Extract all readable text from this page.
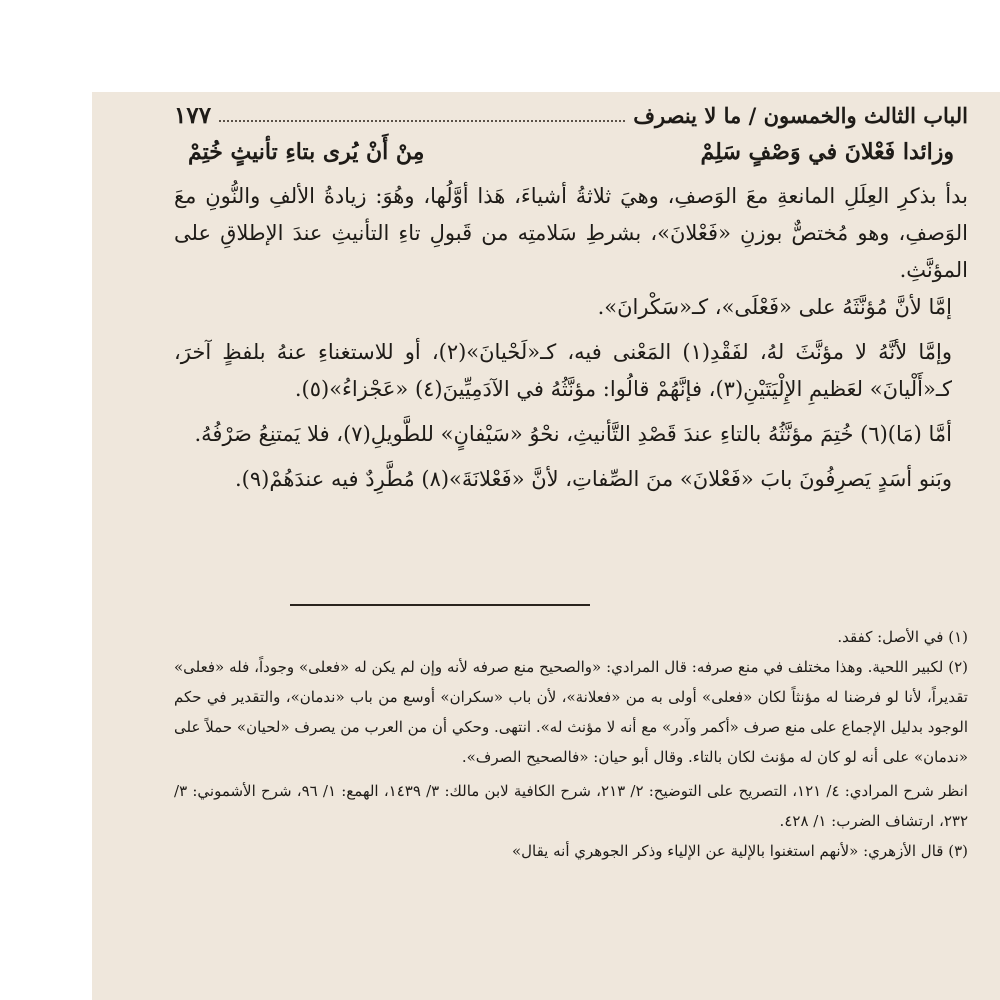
الباب الثالث والخمسون / ما لا ينصرف
١٧٧
وزائدا فَعْلانَ في وَصْفٍ سَلِمْ
مِنْ أَنْ يُرى بتاءِ تأنيثٍ خُتِمْ

بدأ بذكرِ العِلَلِ المانعةِ معَ الوَصفِ، وهيَ ثلاثةُ أشياءَ، هَذا أوَّلُها، وهُوَ: زيادةُ الألفِ والنُّونِ معَ الوَصفِ، وهو مُختصٌّ بوزنِ «فَعْلانَ»، بشرطِ سَلامتِه من قَبولِ تاءِ التأنيثِ عندَ الإطلاقِ على المؤنَّثِ.

إمَّا لأنَّ مُؤنَّثَهُ على «فَعْلَى»، كـ«سَكْرانَ».

وإمَّا لأنَّهُ لا مؤنَّثَ لهُ، لفَقْدِ(١) المَعْنى فيه، كـ«لَحْيانَ»(٢)، أو للاستغناءِ عنهُ بلفظٍ آخرَ، كـ«أَلْيانَ» لعَظيمِ الإِلْيَتَيْنِ(٣)، فإنَّهُمْ قالُوا: مؤنَّثُهُ في الآدَمِيِّينَ(٤) «عَجْزاءُ»(٥).

أمَّا (مَا)(٦) خُتِمَ مؤنَّثُهُ بالتاءِ عندَ قَصْدِ التَّأنيثِ، نحْوُ «سَيْفانٍ» للطَّويلِ(٧)، فلا يَمتنِعُ صَرْفُهُ.

وبَنو أسَدٍ يَصرِفُونَ بابَ «فَعْلانَ» منَ الصِّفاتِ، لأنَّ «فَعْلانَةَ»(٨) مُطَّرِدٌ فيه عندَهُمْ(٩).

(١) في الأصل: كفقد.

(٢) لكبير اللحية. وهذا مختلف في منع صرفه: قال المرادي: «والصحيح منع صرفه لأنه وإن لم يكن له «فعلى» وجوداً، فله «فعلى» تقديراً، لأنا لو فرضنا له مؤنثاً لكان «فعلى» أولى به من «فعلانة»، لأن باب «سكران» أوسع من باب «ندمان»، والتقدير في حكم الوجود بدليل الإجماع على منع صرف «أكمر وآدر» مع أنه لا مؤنث له». انتهى. وحكي أن من العرب من يصرف «لحيان» حملاً على «ندمان» على أنه لو كان له مؤنث لكان بالتاء. وقال أبو حيان: «فالصحيح الصرف».

انظر شرح المرادي: ٤/ ١٢١، التصريح على التوضيح: ٢/ ٢١٣، شرح الكافية لابن مالك: ٣/ ١٤٣٩، الهمع: ١/ ٩٦، شرح الأشموني: ٣/ ٢٣٢، ارتشاف الضرب: ١/ ٤٢٨.

(٣) قال الأزهري: «لأنهم استغنوا بالإلية عن الإلياء وذكر الجوهري أنه يقال»
